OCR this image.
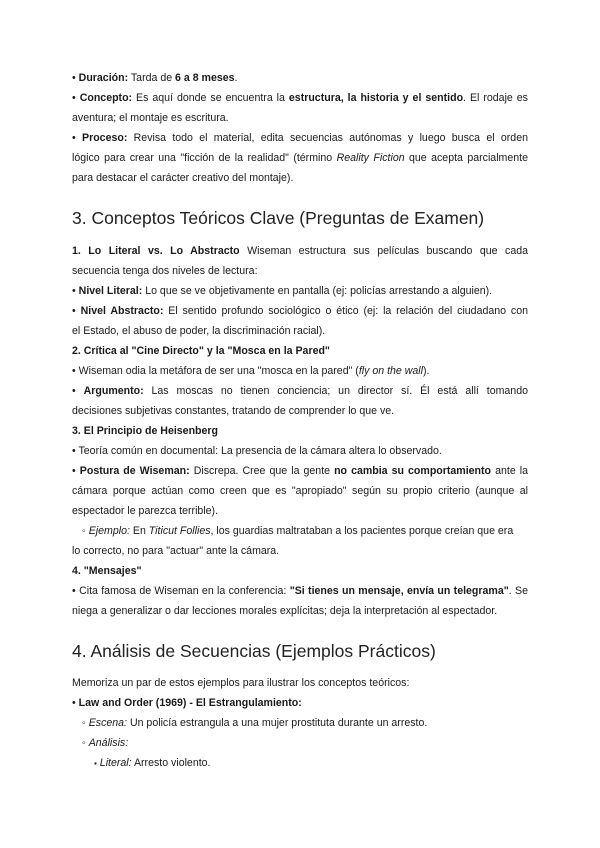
• Duración: Tarda de 6 a 8 meses.
• Concepto: Es aquí donde se encuentra la estructura, la historia y el sentido. El rodaje es
aventura; el montaje es escritura.
• Proceso: Revisa todo el material, edita secuencias autónomas y luego busca el orden
lógico para crear una "ficción de la realidad" (término Reality Fiction que acepta parcialmente
para destacar el carácter creativo del montaje).
3. Conceptos Teóricos Clave (Preguntas de Examen)
1. Lo Literal vs. Lo Abstracto Wiseman estructura sus películas buscando que cada
secuencia tenga dos niveles de lectura:
• Nivel Literal: Lo que se ve objetivamente en pantalla (ej: policías arrestando a alguien).
• Nivel Abstracto: El sentido profundo sociológico o ético (ej: la relación del ciudadano con
el Estado, el abuso de poder, la discriminación racial).
2. Crítica al "Cine Directo" y la "Mosca en la Pared"
• Wiseman odia la metáfora de ser una "mosca en la pared" (fly on the wall).
• Argumento: Las moscas no tienen conciencia; un director sí. Él está allí tomando
decisiones subjetivas constantes, tratando de comprender lo que ve.
3. El Principio de Heisenberg
• Teoría común en documental: La presencia de la cámara altera lo observado.
• Postura de Wiseman: Discrepa. Cree que la gente no cambia su comportamiento ante la
cámara porque actúan como creen que es "apropiado" según su propio criterio (aunque al
espectador le parezca terrible).
◦ Ejemplo: En Titicut Follies, los guardias maltrataban a los pacientes porque creían que era
lo correcto, no para "actuar" ante la cámara.
4. "Mensajes"
• Cita famosa de Wiseman en la conferencia: "Si tienes un mensaje, envía un telegrama". Se
niega a generalizar o dar lecciones morales explícitas; deja la interpretación al espectador.
4. Análisis de Secuencias (Ejemplos Prácticos)
Memoriza un par de estos ejemplos para ilustrar los conceptos teóricos:
• Law and Order (1969) - El Estrangulamiento:
◦ Escena: Un policía estrangula a una mujer prostituta durante un arresto.
◦ Análisis:
▪ Literal: Arresto violento.
